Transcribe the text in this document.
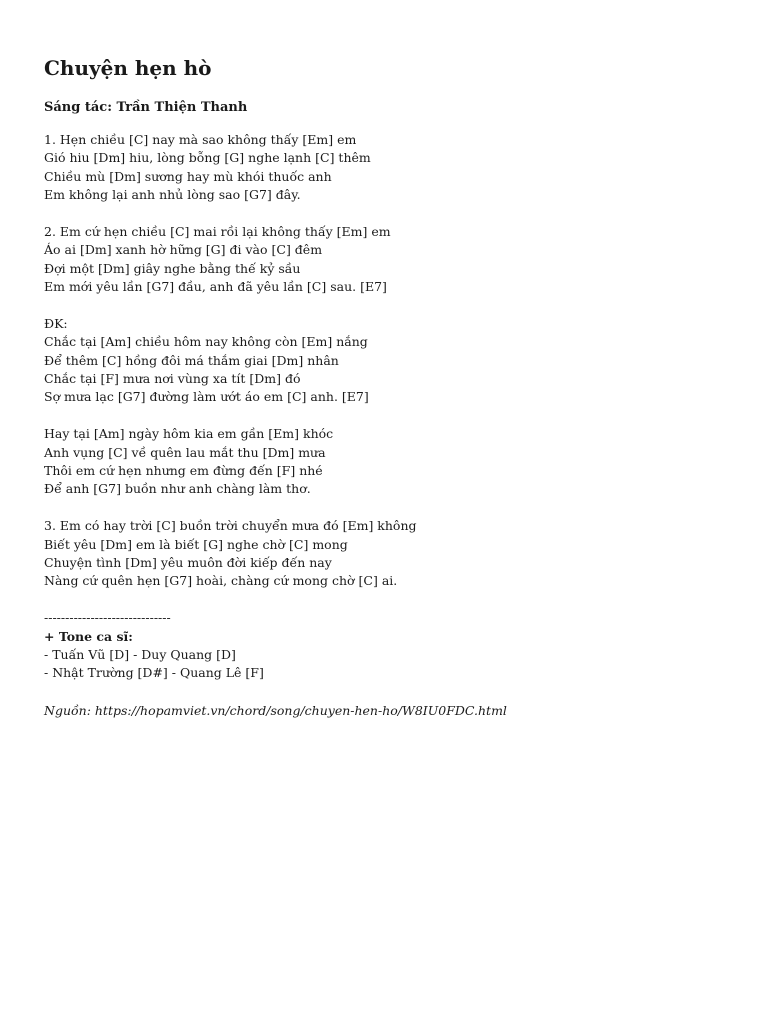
Chuyện hẹn hò

Sáng tác: Trần Thiện Thanh

1. Hẹn chiều [C] nay mà sao không thấy [Em] em
Gió hiu [Dm] hiu, lòng bỗng [G] nghe lạnh [C] thêm
Chiều mù [Dm] sương hay mù khói thuốc anh
Em không lại anh nhủ lòng sao [G7] đây.
2. Em cứ hẹn chiều [C] mai rồi lại không thấy [Em] em
Áo ai [Dm] xanh hờ hững [G] đi vào [C] đêm
Đợi một [Dm] giây nghe bằng thế kỷ sầu
Em mới yêu lần [G7] đầu, anh đã yêu lần [C] sau. [E7]
ĐK:
Chắc tại [Am] chiều hôm nay không còn [Em] nắng
Để thêm [C] hồng đôi má thắm giai [Dm] nhân
Chắc tại [F] mưa nơi vùng xa tít [Dm] đó
Sợ mưa lạc [G7] đường làm ướt áo em [C] anh. [E7]
Hay tại [Am] ngày hôm kia em gần [Em] khóc
Anh vụng [C] về quên lau mắt thu [Dm] mưa
Thôi em cứ hẹn nhưng em đừng đến [F] nhé
Để anh [G7] buồn như anh chàng làm thơ.
3. Em có hay trời [C] buồn trời chuyển mưa đó [Em] không
Biết yêu [Dm] em là biết [G] nghe chờ [C] mong
Chuyện tình [Dm] yêu muôn đời kiếp đến nay
Nàng cứ quên hẹn [G7] hoài, chàng cứ mong chờ [C] ai.
------------------------------
+ Tone ca sĩ:
- Tuấn Vũ [D] - Duy Quang [D]
- Nhật Trường [D#] - Quang Lê [F]

Nguồn: https://hopamviet.vn/chord/song/chuyen-hen-ho/W8IU0FDC.html
